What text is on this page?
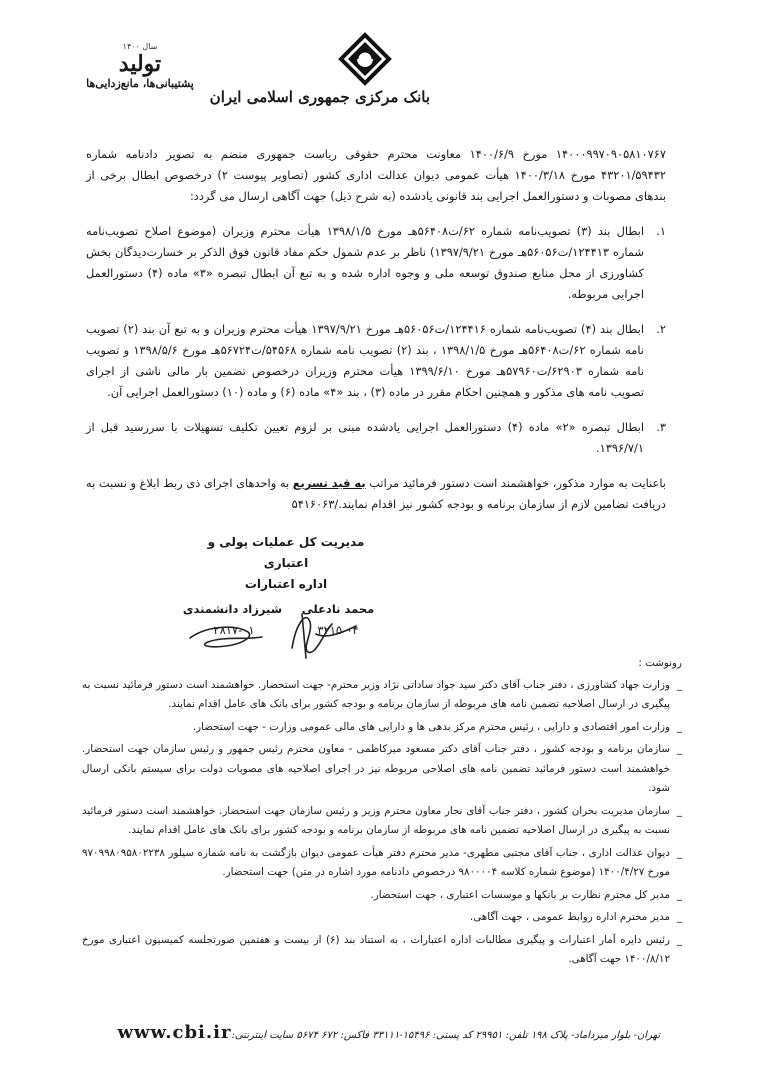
بانک مرکزی جمهوری اسلامی ایران
سال ۱۴۰۰
تولید
پشتیبانی‌ها، مانع‌زدایی‌ها

۱۴۰۰۰۹۹۷۰۹۰۵۸۱۰۷۶۷ مورخ ۱۴۰۰/۶/۹ معاونت محترم حقوقی ریاست جمهوری منضم به تصویر دادنامه شماره ۴۳۲۰۱/۵۹۴۳۲ مورخ ۱۴۰۰/۳/۱۸ هیأت عمومی دیوان عدالت اداری کشور (تصاویر پیوست ۲) درخصوص ابطال برخی از بندهای مصوبات و دستورالعمل اجرایی بند قانونی یادشده (به شرح ذیل) جهت آگاهی ارسال می گردد:

۱.
ابطال بند (۳) تصویب‌نامه شماره ۶۲/ت۵۶۴۰۸هـ مورخ ۱۳۹۸/۱/۵ هیأت محترم وزیران (موضوع اصلاح تصویب‌نامه شماره ۱۲۴۴۱۳/ت۵۶۰۵۶هـ مورخ ۱۳۹۷/۹/۲۱) ناظر بر عدم شمول حکم مفاد قانون فوق الذکر بر خسارت‌دیدگان بخش کشاورزی از محل منابع صندوق توسعه ملی و وجوه اداره شده و به تبع آن ابطال تبصره «۳» ماده (۴) دستورالعمل اجرایی مربوطه.
۲.
ابطال بند (۴) تصویب‌نامه شماره ۱۲۴۴۱۶/ت۵۶۰۵۶هـ مورخ ۱۳۹۷/۹/۲۱ هیأت محترم وزیران و به تبع آن بند (۲) تصویب نامه شماره ۶۲/ت۵۶۴۰۸هـ مورخ ۱۳۹۸/۱/۵ ، بند (۲) تصویب نامه شماره ۵۴۵۶۸/ت۵۶۷۲۴هـ مورخ ۱۳۹۸/۵/۶ و تصویب نامه شماره ۶۲۹۰۳/ت۵۷۹۶۰هـ مورخ ۱۳۹۹/۶/۱۰ هیأت محترم وزیران درخصوص تضمین بار مالی ناشی از اجرای تصویب نامه های مذکور و همچنین احکام مقرر در ماده (۳) ، بند «۴» ماده (۶) و ماده (۱۰) دستورالعمل اجرایی آن.
۳.
ابطال تبصره «۲» ماده (۴) دستورالعمل اجرایی یادشده مبنی بر لزوم تعیین تکلیف تسهیلات با سررسید قبل از ۱۳۹۶/۷/۱.

باعنایت به موارد مذکور، خواهشمند است دستور فرمائید مراتب به قید تسریع به واحدهای اجرای ذی ربط ابلاغ و نسبت به دریافت تضامین لازم از سازمان برنامه و بودجه کشور نیز اقدام نمایند./۵۴۱۶۰۶۳

مدیریت کل عملیات پولی و اعتباری
اداره اعتبارات
محمد نادعلی
۳۲۱۵-۰۴
شیرزاد دانشمندی
۲۸۱۷-۰۱
رونوشت :
_
وزارت جهاد کشاورزی ، دفتر جناب آقای دکتر سید جواد ساداتی نژاد وزیر محترم- جهت استحضار. خواهشمند است دستور فرمائید نسبت به پیگیری در ارسال اصلاحیه تضمین نامه های مربوطه از سازمان برنامه و بودجه کشور برای بانک های عامل اقدام نمایند.
_
وزارت امور اقتصادی و دارایی ، رئیس محترم مرکز بدهی ها و دارایی های مالی عمومی وزارت - جهت استحضار.
_
سازمان برنامه و بودجه کشور ، دفتر جناب آقای دکتر مسعود میرکاظمی - معاون محترم رئیس جمهور و رئیس سازمان جهت استحضار. خواهشمند است دستور فرمائید تضمین نامه های اصلاحی مربوطه نیز در اجرای اصلاحیه های مصوبات دولت برای سیستم بانکی ارسال شود.
_
سازمان مدیریت بحران کشور ، دفتر جناب آقای نجار معاون محترم وزیر و رئیس سازمان جهت استحضار. خواهشمند است دستور فرمائید نسبت به پیگیری در ارسال اصلاحیه تضمین نامه های مربوطه از سازمان برنامه و بودجه کشور برای بانک های عامل اقدام نمایند.
_
دیوان عدالت اداری ، جناب آقای مجتبی مطهری- مدیر محترم دفتر هیأت عمومی دیوان بازگشت به نامه شماره سیلور ۹۷۰۹۹۸۰۹۵۸۰۲۲۳۸ مورخ ۱۴۰۰/۴/۲۷ (موضوع شماره کلاسه ۹۸۰۰۰۰۴ درخصوص دادنامه مورد اشاره در متن) جهت استحضار.
_
مدیر کل محترم نظارت بر بانکها و موسسات اعتباری ، جهت استحضار.
_
مدیر محترم اداره روابط عمومی ، جهت آگاهی.
_
رئیس دایره آمار اعتبارات و پیگیری مطالبات اداره اعتبارات ، به استناد بند (۶) از بیست و هفتمین صورتجلسه کمیسیون اعتباری مورخ ۱۴۰۰/۸/۱۲ جهت آگاهی.
تهران- بلوار میرداماد- پلاک ۱۹۸ تلفن: ۲۹۹۵۱ کد پستی: ۱۵۴۹۶-۳۳۱۱۱ فاکس: ۶۷۲ ۵۶۷۴ سایت اینترنتی:
www.cbi.ir
